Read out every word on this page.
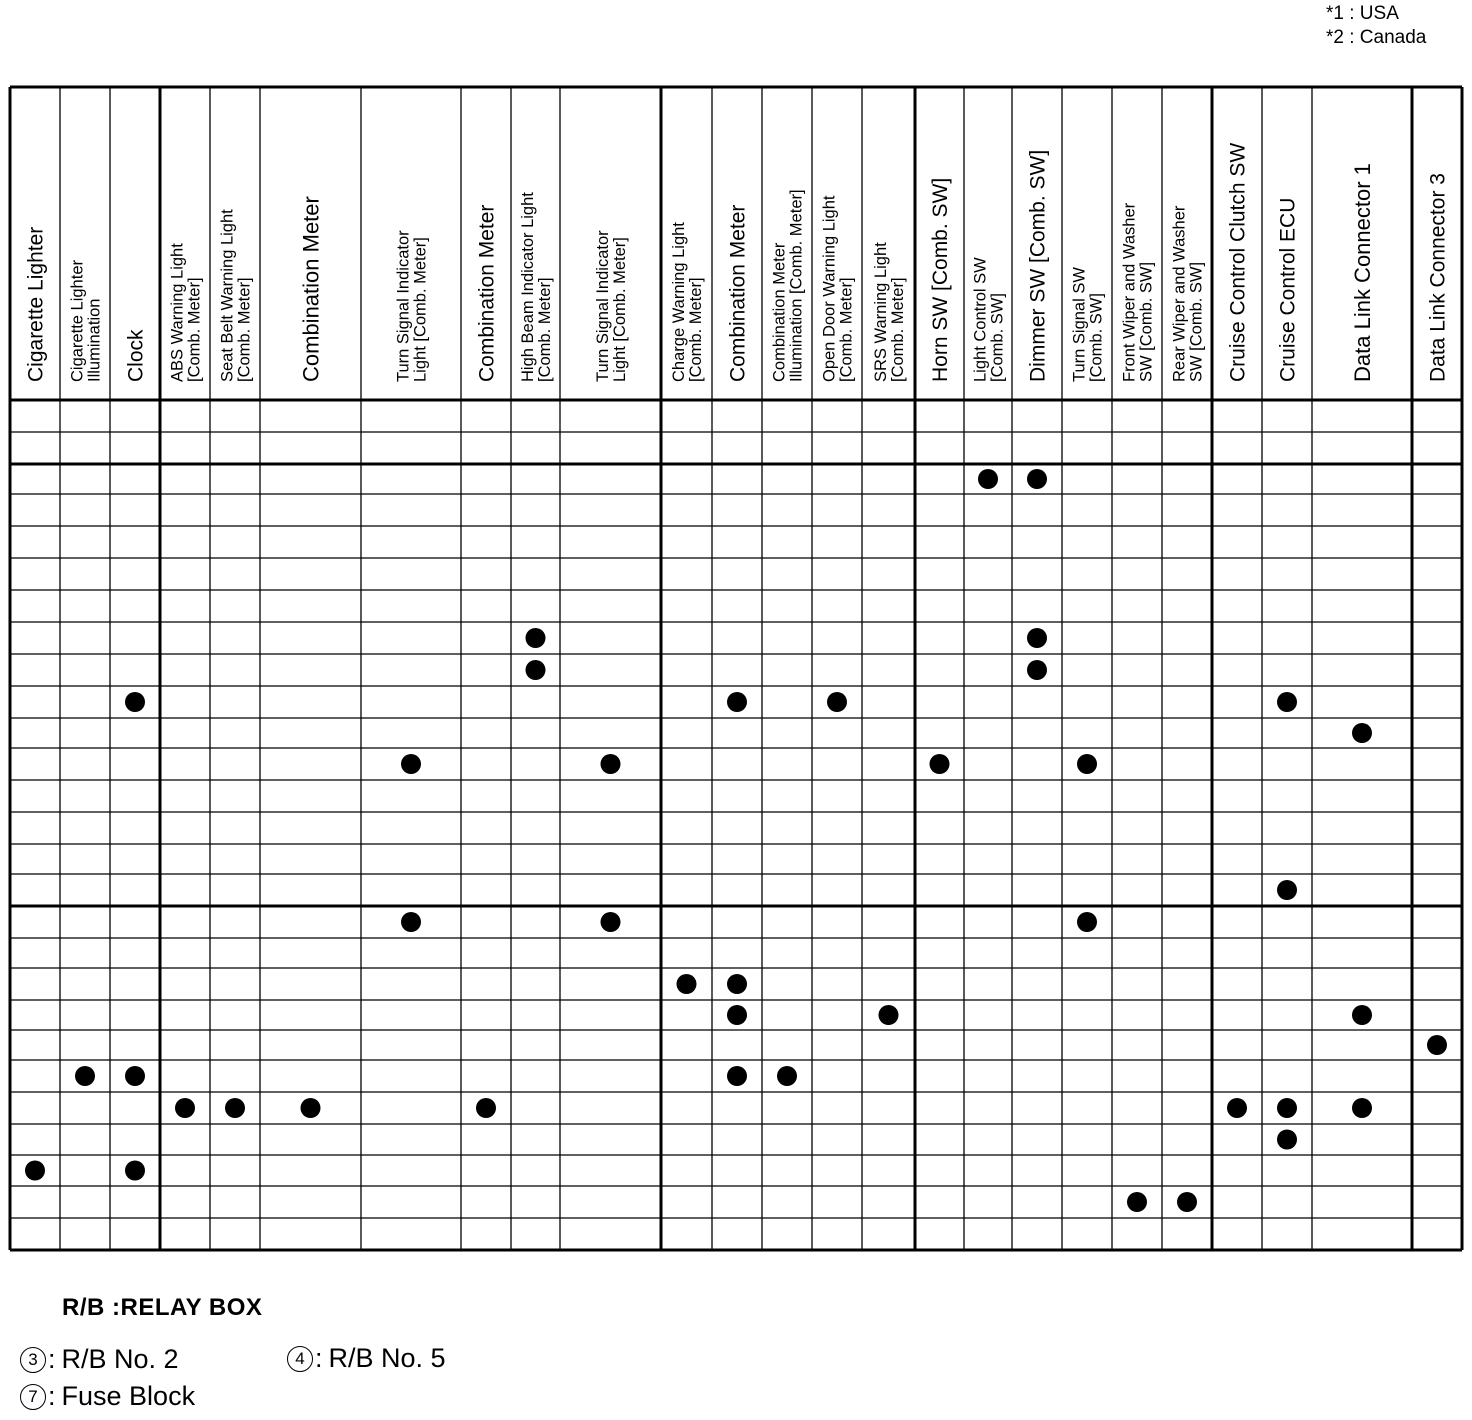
*1 : USA
*2 : Canada
Cigarette Lighter Cigarette Lighter Illumination Clock ABS Warning Light [Comb. Meter] Seat Belt Warning Light [Comb. Meter] Combination Meter	Turn Signal Indicator Light [Comb. Meter] Combination Meter High Beam Indicator Light [Comb. Meter] Turn Signal Indicator Light [Comb. Meter] Charge Warning Light [Comb. Meter] Combination Meter Combination Meter Illumination [Comb. Meter] Open Door Warning Light [Comb. Meter] SRS Warning Light [Comb. Meter] Horn SW [Comb. SW] Light Control SW [Comb. SW] Dimmer SW [Comb. SW] Turn Signal SW [Comb. SW] Front Wiper and Washer SW [Comb. SW] Rear Wiper and Washer SW [Comb. SW] Cruise Control Clutch SW Cruise Control ECU Data Link Connector 1 Data Link Connector 3
R/B :RELAY BOX
3 : R/B No. 2	4 : R/B No. 5
7 : Fuse Block
